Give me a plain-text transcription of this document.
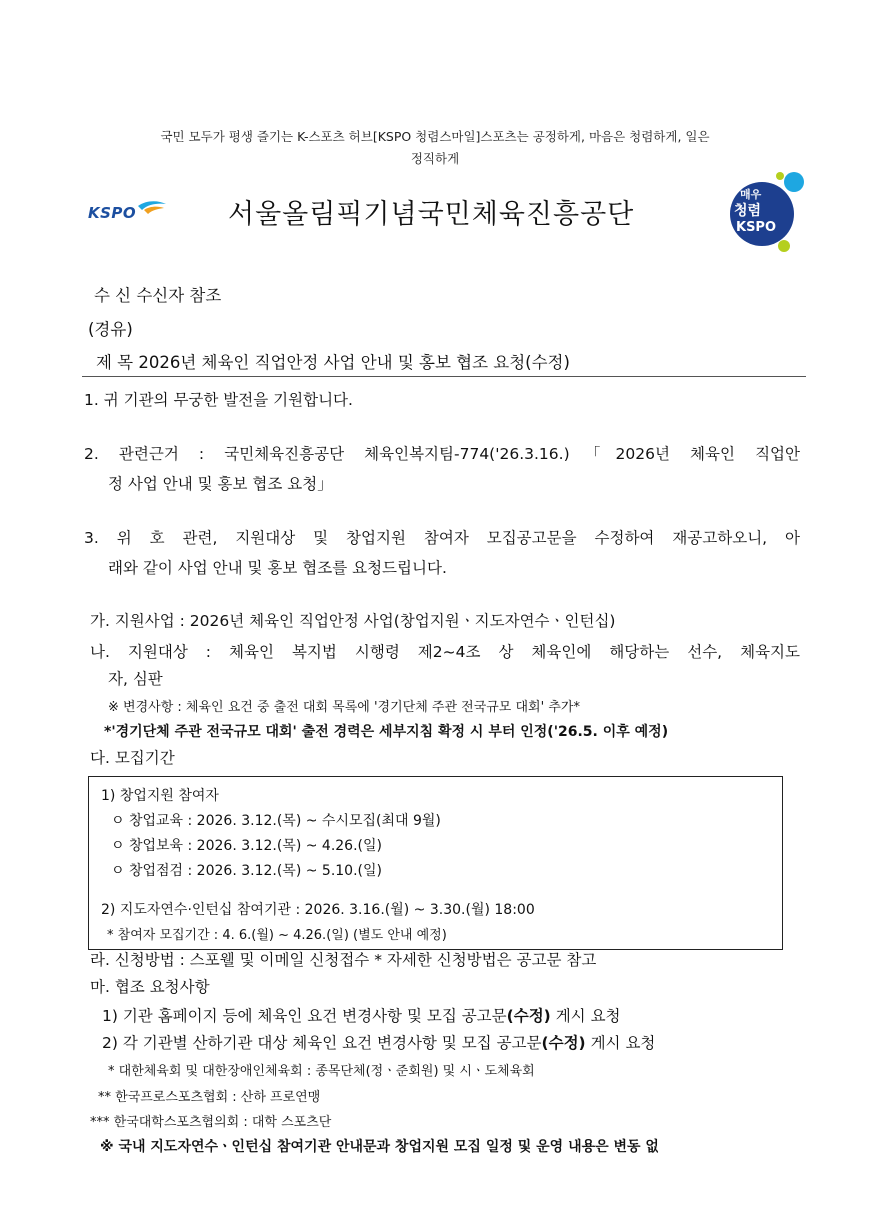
국민 모두가 평생 즐기는 K-스포츠 허브[KSPO 청렴스마일]스포츠는 공정하게, 마음은 청렴하게, 일은
정직하게
KSPO	서울올림픽기념국민체육진흥공단
매우
청렴
KSPO
수 신 수신자 참조
(경유)
제 목 2026년 체육인 직업안정 사업 안내 및 홍보 협조 요청(수정)
1. 귀 기관의 무궁한 발전을 기원합니다.
2. 관련근거 : 국민체육진흥공단 체육인복지팀-774('26.3.16.)「2026년 체육인 직업안
정 사업 안내 및 홍보 협조 요청」
3. 위 호 관련, 지원대상 및 창업지원 참여자 모집공고문을 수정하여 재공고하오니, 아
래와 같이 사업 안내 및 홍보 협조를 요청드립니다.
가. 지원사업 : 2026년 체육인 직업안정 사업(창업지원ㆍ지도자연수ㆍ인턴십)
나. 지원대상 : 체육인 복지법 시행령 제2~4조 상 체육인에 해당하는 선수, 체육지도
자, 심판
※ 변경사항 : 체육인 요건 중 출전 대회 목록에 '경기단체 주관 전국규모 대회' 추가*
*'경기단체 주관 전국규모 대회' 출전 경력은 세부지침 확정 시 부터 인정('26.5. 이후 예정)
다. 모집기간
1) 창업지원 참여자
ㅇ 창업교육 : 2026. 3.12.(목) ~ 수시모집(최대 9월)
ㅇ 창업보육 : 2026. 3.12.(목) ~ 4.26.(일)
ㅇ 창업점검 : 2026. 3.12.(목) ~ 5.10.(일)
2) 지도자연수·인턴십 참여기관 : 2026. 3.16.(월) ~ 3.30.(월) 18:00
* 참여자 모집기간 : 4. 6.(월) ~ 4.26.(일) (별도 안내 예정)
라. 신청방법 : 스포웰 및 이메일 신청접수 * 자세한 신청방법은 공고문 참고
마. 협조 요청사항
1) 기관 홈페이지 등에 체육인 요건 변경사항 및 모집 공고문(수정) 게시 요청
2) 각 기관별 산하기관 대상 체육인 요건 변경사항 및 모집 공고문(수정) 게시 요청
* 대한체육회 및 대한장애인체육회 : 종목단체(정ㆍ준회원) 및 시ㆍ도체육회
** 한국프로스포츠협회 : 산하 프로연맹
*** 한국대학스포츠협의회 : 대학 스포츠단
※ 국내 지도자연수ㆍ인턴십 참여기관 안내문과 창업지원 모집 일정 및 운영 내용은 변동 없
